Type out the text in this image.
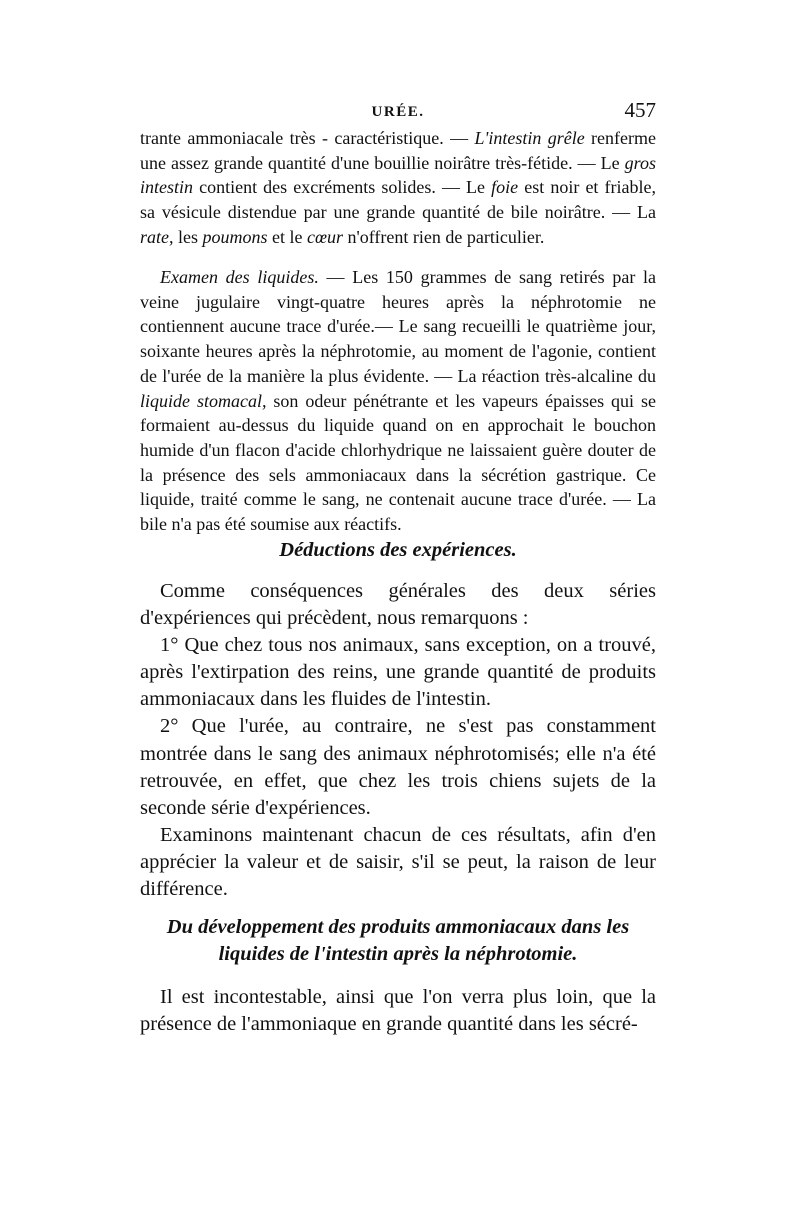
URÉE.	457

trante ammoniacale très - caractéristique. — L'intestin grêle renferme une assez grande quantité d'une bouillie noirâtre très-fétide. — Le gros intestin contient des excréments solides. — Le foie est noir et friable, sa vésicule distendue par une grande quantité de bile noirâtre. — La rate, les poumons et le cœur n'offrent rien de particulier.

Examen des liquides. — Les 150 grammes de sang retirés par la veine jugulaire vingt-quatre heures après la néphrotomie ne contiennent aucune trace d'urée.— Le sang recueilli le quatrième jour, soixante heures après la néphrotomie, au moment de l'agonie, contient de l'urée de la manière la plus évidente. — La réaction très-alcaline du liquide stomacal, son odeur pénétrante et les vapeurs épaisses qui se formaient au-dessus du liquide quand on en approchait le bouchon humide d'un flacon d'acide chlorhydrique ne laissaient guère douter de la présence des sels ammoniacaux dans la sécrétion gastrique. Ce liquide, traité comme le sang, ne contenait aucune trace d'urée. — La bile n'a pas été soumise aux réactifs.

Déductions des expériences.

Comme conséquences générales des deux séries d'expériences qui précèdent, nous remarquons :

1° Que chez tous nos animaux, sans exception, on a trouvé, après l'extirpation des reins, une grande quantité de produits ammoniacaux dans les fluides de l'intestin.

2° Que l'urée, au contraire, ne s'est pas constamment montrée dans le sang des animaux néphrotomisés; elle n'a été retrouvée, en effet, que chez les trois chiens sujets de la seconde série d'expériences.

Examinons maintenant chacun de ces résultats, afin d'en apprécier la valeur et de saisir, s'il se peut, la raison de leur différence.

Du développement des produits ammoniacaux dans les

liquides de l'intestin après la néphrotomie.

Il est incontestable, ainsi que l'on verra plus loin, que la présence de l'ammoniaque en grande quantité dans les sécré-
